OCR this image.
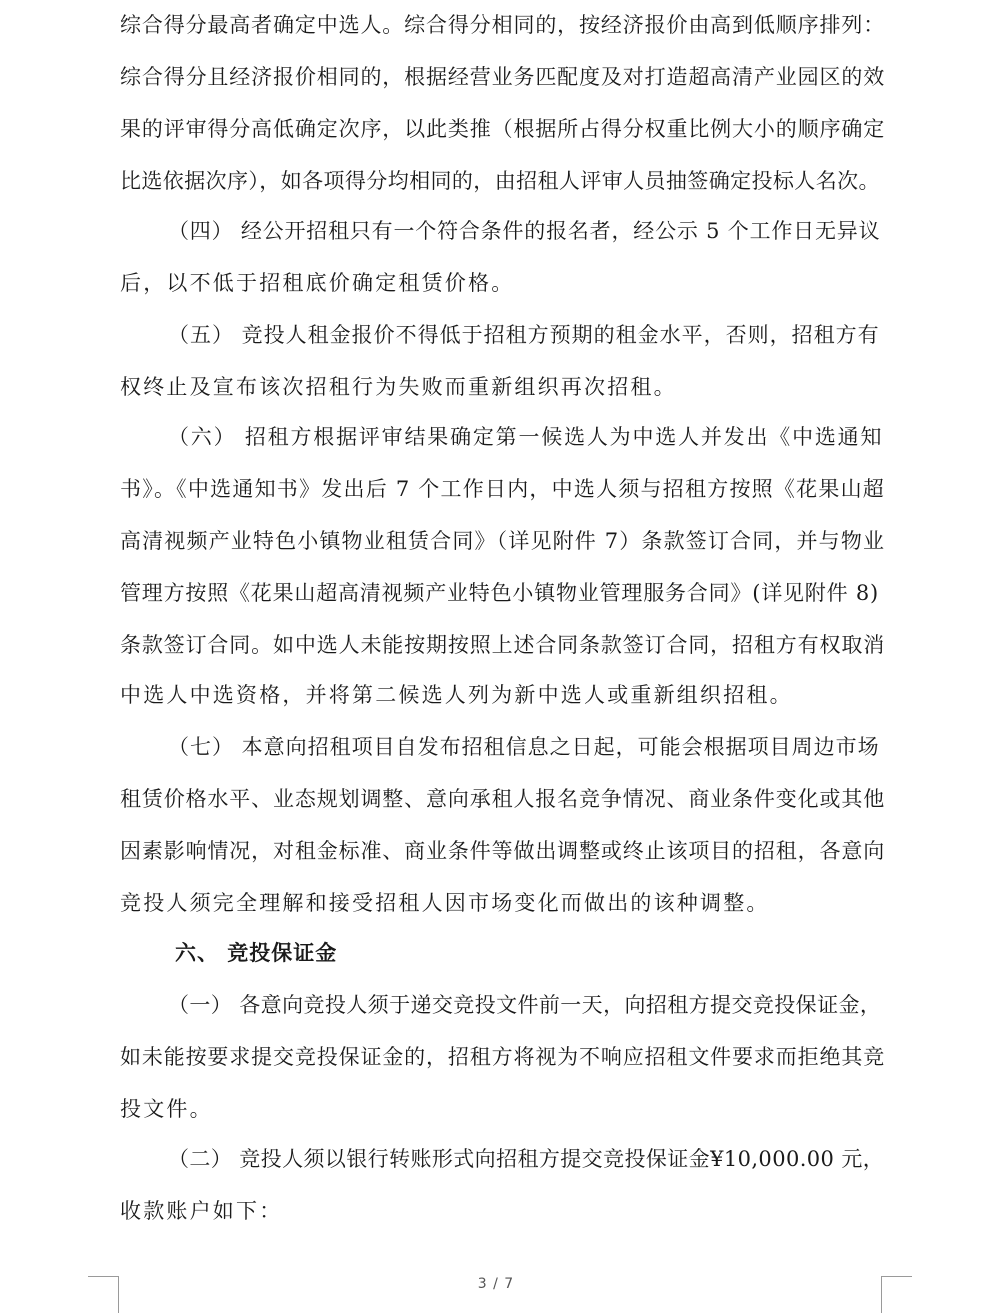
综合得分最高者确定中选人。综合得分相同的，按经济报价由高到低顺序排列：
综合得分且经济报价相同的，根据经营业务匹配度及对打造超高清产业园区的效
果的评审得分高低确定次序，以此类推（根据所占得分权重比例大小的顺序确定
比选依据次序），如各项得分均相同的，由招租人评审人员抽签确定投标人名次。
（四） 经公开招租只有一个符合条件的报名者，经公示 5 个工作日无异议
后，以不低于招租底价确定租赁价格。
（五） 竞投人租金报价不得低于招租方预期的租金水平，否则，招租方有
权终止及宣布该次招租行为失败而重新组织再次招租。
（六） 招租方根据评审结果确定第一候选人为中选人并发出《中选通知
书》。《中选通知书》发出后 7 个工作日内，中选人须与招租方按照《花果山超
高清视频产业特色小镇物业租赁合同》（详见附件 7）条款签订合同，并与物业
管理方按照《花果山超高清视频产业特色小镇物业管理服务合同》(详见附件 8)
条款签订合同。如中选人未能按期按照上述合同条款签订合同，招租方有权取消
中选人中选资格，并将第二候选人列为新中选人或重新组织招租。
（七） 本意向招租项目自发布招租信息之日起，可能会根据项目周边市场
租赁价格水平、业态规划调整、意向承租人报名竞争情况、商业条件变化或其他
因素影响情况，对租金标准、商业条件等做出调整或终止该项目的招租，各意向
竞投人须完全理解和接受招租人因市场变化而做出的该种调整。
六、 竞投保证金
（一） 各意向竞投人须于递交竞投文件前一天，向招租方提交竞投保证金，
如未能按要求提交竞投保证金的，招租方将视为不响应招租文件要求而拒绝其竞
投文件。
（二） 竞投人须以银行转账形式向招租方提交竞投保证金¥10,000.00 元，
收款账户如下：
3 / 7
